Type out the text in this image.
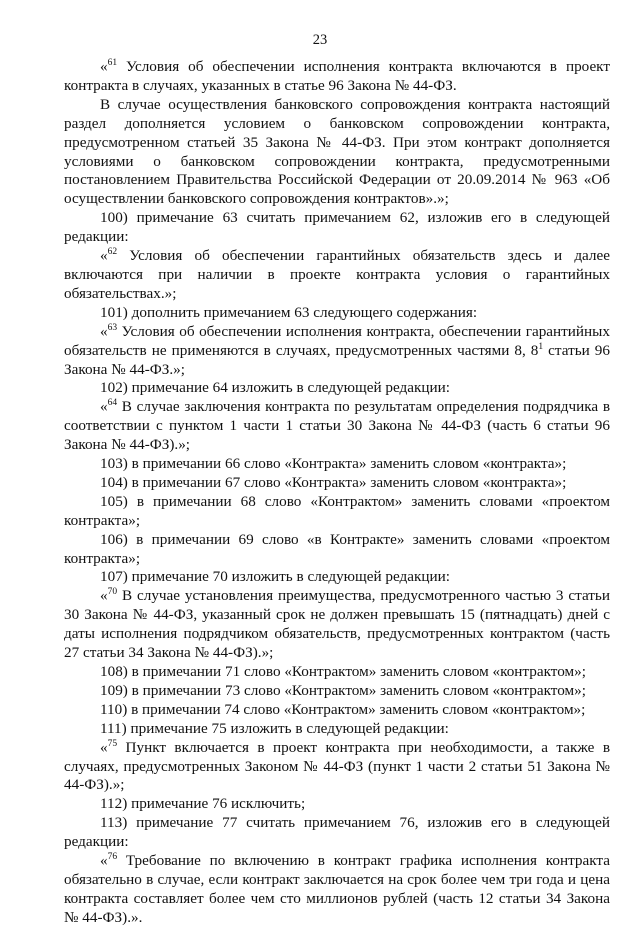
23

«$^{61}$ Условия об обеспечении исполнения контракта включаются в проект контракта в случаях, указанных в статье 96 Закона № 44-ФЗ.

В случае осуществления банковского сопровождения контракта настоящий раздел дополняется условием о банковском сопровождении контракта, предусмотренном статьей 35 Закона № 44-ФЗ. При этом контракт дополняется условиями о банковском сопровождении контракта, предусмотренными постановлением Правительства Российской Федерации от 20.09.2014 № 963 «Об осуществлении банковского сопровождения контрактов».»;

100) примечание 63 считать примечанием 62, изложив его в следующей редакции:

«$^{62}$ Условия об обеспечении гарантийных обязательств здесь и далее включаются при наличии в проекте контракта условия о гарантийных обязательствах.»;

101) дополнить примечанием 63 следующего содержания:

«$^{63}$ Условия об обеспечении исполнения контракта, обеспечении гарантийных обязательств не применяются в случаях, предусмотренных частями 8, $8^1$ статьи 96 Закона № 44-ФЗ.»;

102) примечание 64 изложить в следующей редакции:

«$^{64}$ В случае заключения контракта по результатам определения подрядчика в соответствии с пунктом 1 части 1 статьи 30 Закона № 44-ФЗ (часть 6 статьи 96 Закона № 44-ФЗ).»;

103) в примечании 66 слово «Контракта» заменить словом «контракта»;

104) в примечании 67 слово «Контракта» заменить словом «контракта»;

105) в примечании 68 слово «Контрактом» заменить словами «проектом контракта»;

106) в примечании 69 слово «в Контракте» заменить словами «проектом контракта»;

107) примечание 70 изложить в следующей редакции:

«$^{70}$ В случае установления преимущества, предусмотренного частью 3 статьи 30 Закона № 44-ФЗ, указанный срок не должен превышать 15 (пятнадцать) дней с даты исполнения подрядчиком обязательств, предусмотренных контрактом (часть 27 статьи 34 Закона № 44-ФЗ).»;

108) в примечании 71 слово «Контрактом» заменить словом «контрактом»;

109) в примечании 73 слово «Контрактом» заменить словом «контрактом»;

110) в примечании 74 слово «Контрактом» заменить словом «контрактом»;

111) примечание 75 изложить в следующей редакции:

«$^{75}$ Пункт включается в проект контракта при необходимости, а также в случаях, предусмотренных Законом № 44-ФЗ (пункт 1 части 2 статьи 51 Закона № 44-ФЗ).»;

112) примечание 76 исключить;

113) примечание 77 считать примечанием 76, изложив его в следующей редакции:

«$^{76}$ Требование по включению в контракт графика исполнения контракта обязательно в случае, если контракт заключается на срок более чем три года и цена контракта составляет более чем сто миллионов рублей (часть 12 статьи 34 Закона № 44-ФЗ).».
